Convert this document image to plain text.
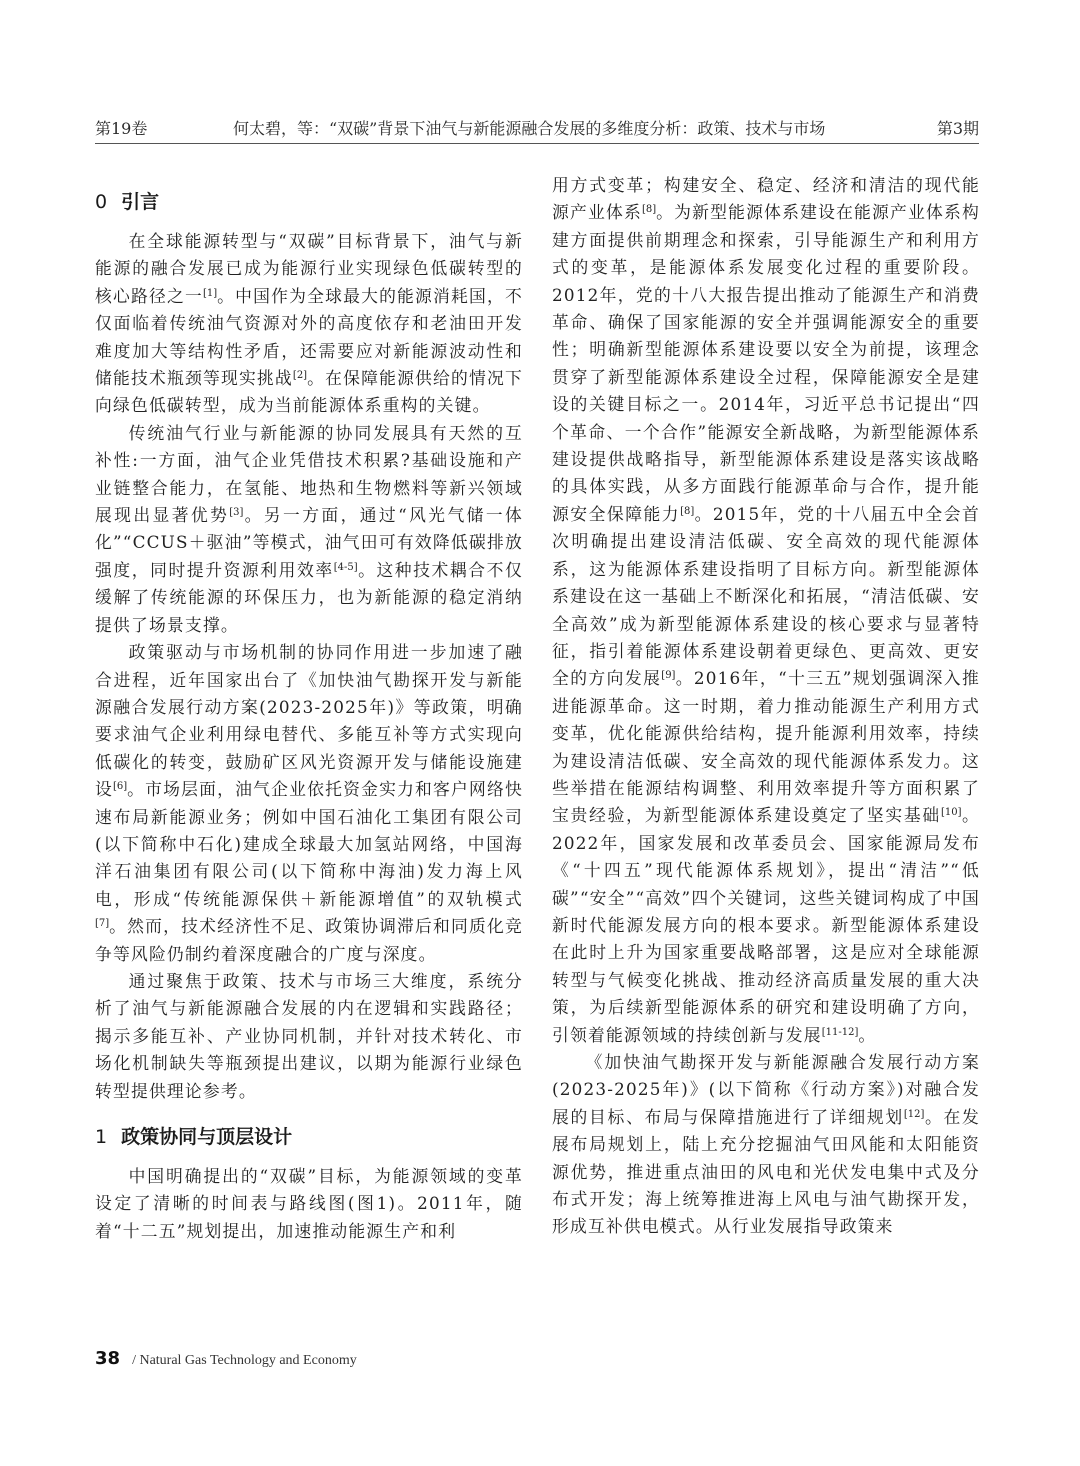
第19卷	何太碧，等：“双碳”背景下油气与新能源融合发展的多维度分析：政策、技术与市场	第3期
0 引言

在全球能源转型与“双碳”目标背景下，油气与新能源的融合发展已成为能源行业实现绿色低碳转型的核心路径之一[1]。中国作为全球最大的能源消耗国，不仅面临着传统油气资源对外的高度依存和老油田开发难度加大等结构性矛盾，还需要应对新能源波动性和储能技术瓶颈等现实挑战[2]。在保障能源供给的情况下向绿色低碳转型，成为当前能源体系重构的关键。

传统油气行业与新能源的协同发展具有天然的互补性:一方面，油气企业凭借技术积累?基础设施和产业链整合能力，在氢能、地热和生物燃料等新兴领域展现出显著优势[3]。另一方面，通过“风光气储一体化”“CCUS＋驱油”等模式，油气田可有效降低碳排放强度，同时提升资源利用效率[4-5]。这种技术耦合不仅缓解了传统能源的环保压力，也为新能源的稳定消纳提供了场景支撑。

政策驱动与市场机制的协同作用进一步加速了融合进程，近年国家出台了《加快油气勘探开发与新能源融合发展行动方案(2023-2025年)》等政策，明确要求油气企业利用绿电替代、多能互补等方式实现向低碳化的转变，鼓励矿区风光资源开发与储能设施建设[6]。市场层面，油气企业依托资金实力和客户网络快速布局新能源业务；例如中国石油化工集团有限公司(以下简称中石化)建成全球最大加氢站网络，中国海洋石油集团有限公司(以下简称中海油)发力海上风电，形成“传统能源保供＋新能源增值”的双轨模式[7]。然而，技术经济性不足、政策协调滞后和同质化竞争等风险仍制约着深度融合的广度与深度。

通过聚焦于政策、技术与市场三大维度，系统分析了油气与新能源融合发展的内在逻辑和实践路径；揭示多能互补、产业协同机制，并针对技术转化、市场化机制缺失等瓶颈提出建议，以期为能源行业绿色转型提供理论参考。

1 政策协同与顶层设计

中国明确提出的“双碳”目标，为能源领域的变革设定了清晰的时间表与路线图(图1)。2011年，随着“十二五”规划提出，加速推动能源生产和利

用方式变革；构建安全、稳定、经济和清洁的现代能源产业体系[8]。为新型能源体系建设在能源产业体系构建方面提供前期理念和探索，引导能源生产和利用方式的变革，是能源体系发展变化过程的重要阶段。2012年，党的十八大报告提出推动了能源生产和消费革命、确保了国家能源的安全并强调能源安全的重要性；明确新型能源体系建设要以安全为前提，该理念贯穿了新型能源体系建设全过程，保障能源安全是建设的关键目标之一。2014年，习近平总书记提出“四个革命、一个合作”能源安全新战略，为新型能源体系建设提供战略指导，新型能源体系建设是落实该战略的具体实践，从多方面践行能源革命与合作，提升能源安全保障能力[8]。2015年，党的十八届五中全会首次明确提出建设清洁低碳、安全高效的现代能源体系，这为能源体系建设指明了目标方向。新型能源体系建设在这一基础上不断深化和拓展，“清洁低碳、安全高效”成为新型能源体系建设的核心要求与显著特征，指引着能源体系建设朝着更绿色、更高效、更安全的方向发展[9]。2016年，“十三五”规划强调深入推进能源革命。这一时期，着力推动能源生产利用方式变革，优化能源供给结构，提升能源利用效率，持续为建设清洁低碳、安全高效的现代能源体系发力。这些举措在能源结构调整、利用效率提升等方面积累了宝贵经验，为新型能源体系建设奠定了坚实基础[10]。2022年，国家发展和改革委员会、国家能源局发布《“十四五”现代能源体系规划》，提出“清洁”“低碳”“安全”“高效”四个关键词，这些关键词构成了中国新时代能源发展方向的根本要求。新型能源体系建设在此时上升为国家重要战略部署，这是应对全球能源转型与气候变化挑战、推动经济高质量发展的重大决策，为后续新型能源体系的研究和建设明确了方向，引领着能源领域的持续创新与发展[11-12]。

《加快油气勘探开发与新能源融合发展行动方案(2023-2025年)》(以下简称《行动方案》)对融合发展的目标、布局与保障措施进行了详细规划[12]。在发展布局规划上，陆上充分挖掘油气田风能和太阳能资源优势，推进重点油田的风电和光伏发电集中式及分布式开发；海上统筹推进海上风电与油气勘探开发，形成互补供电模式。从行业发展指导政策来

38 / Natural Gas Technology and Economy
